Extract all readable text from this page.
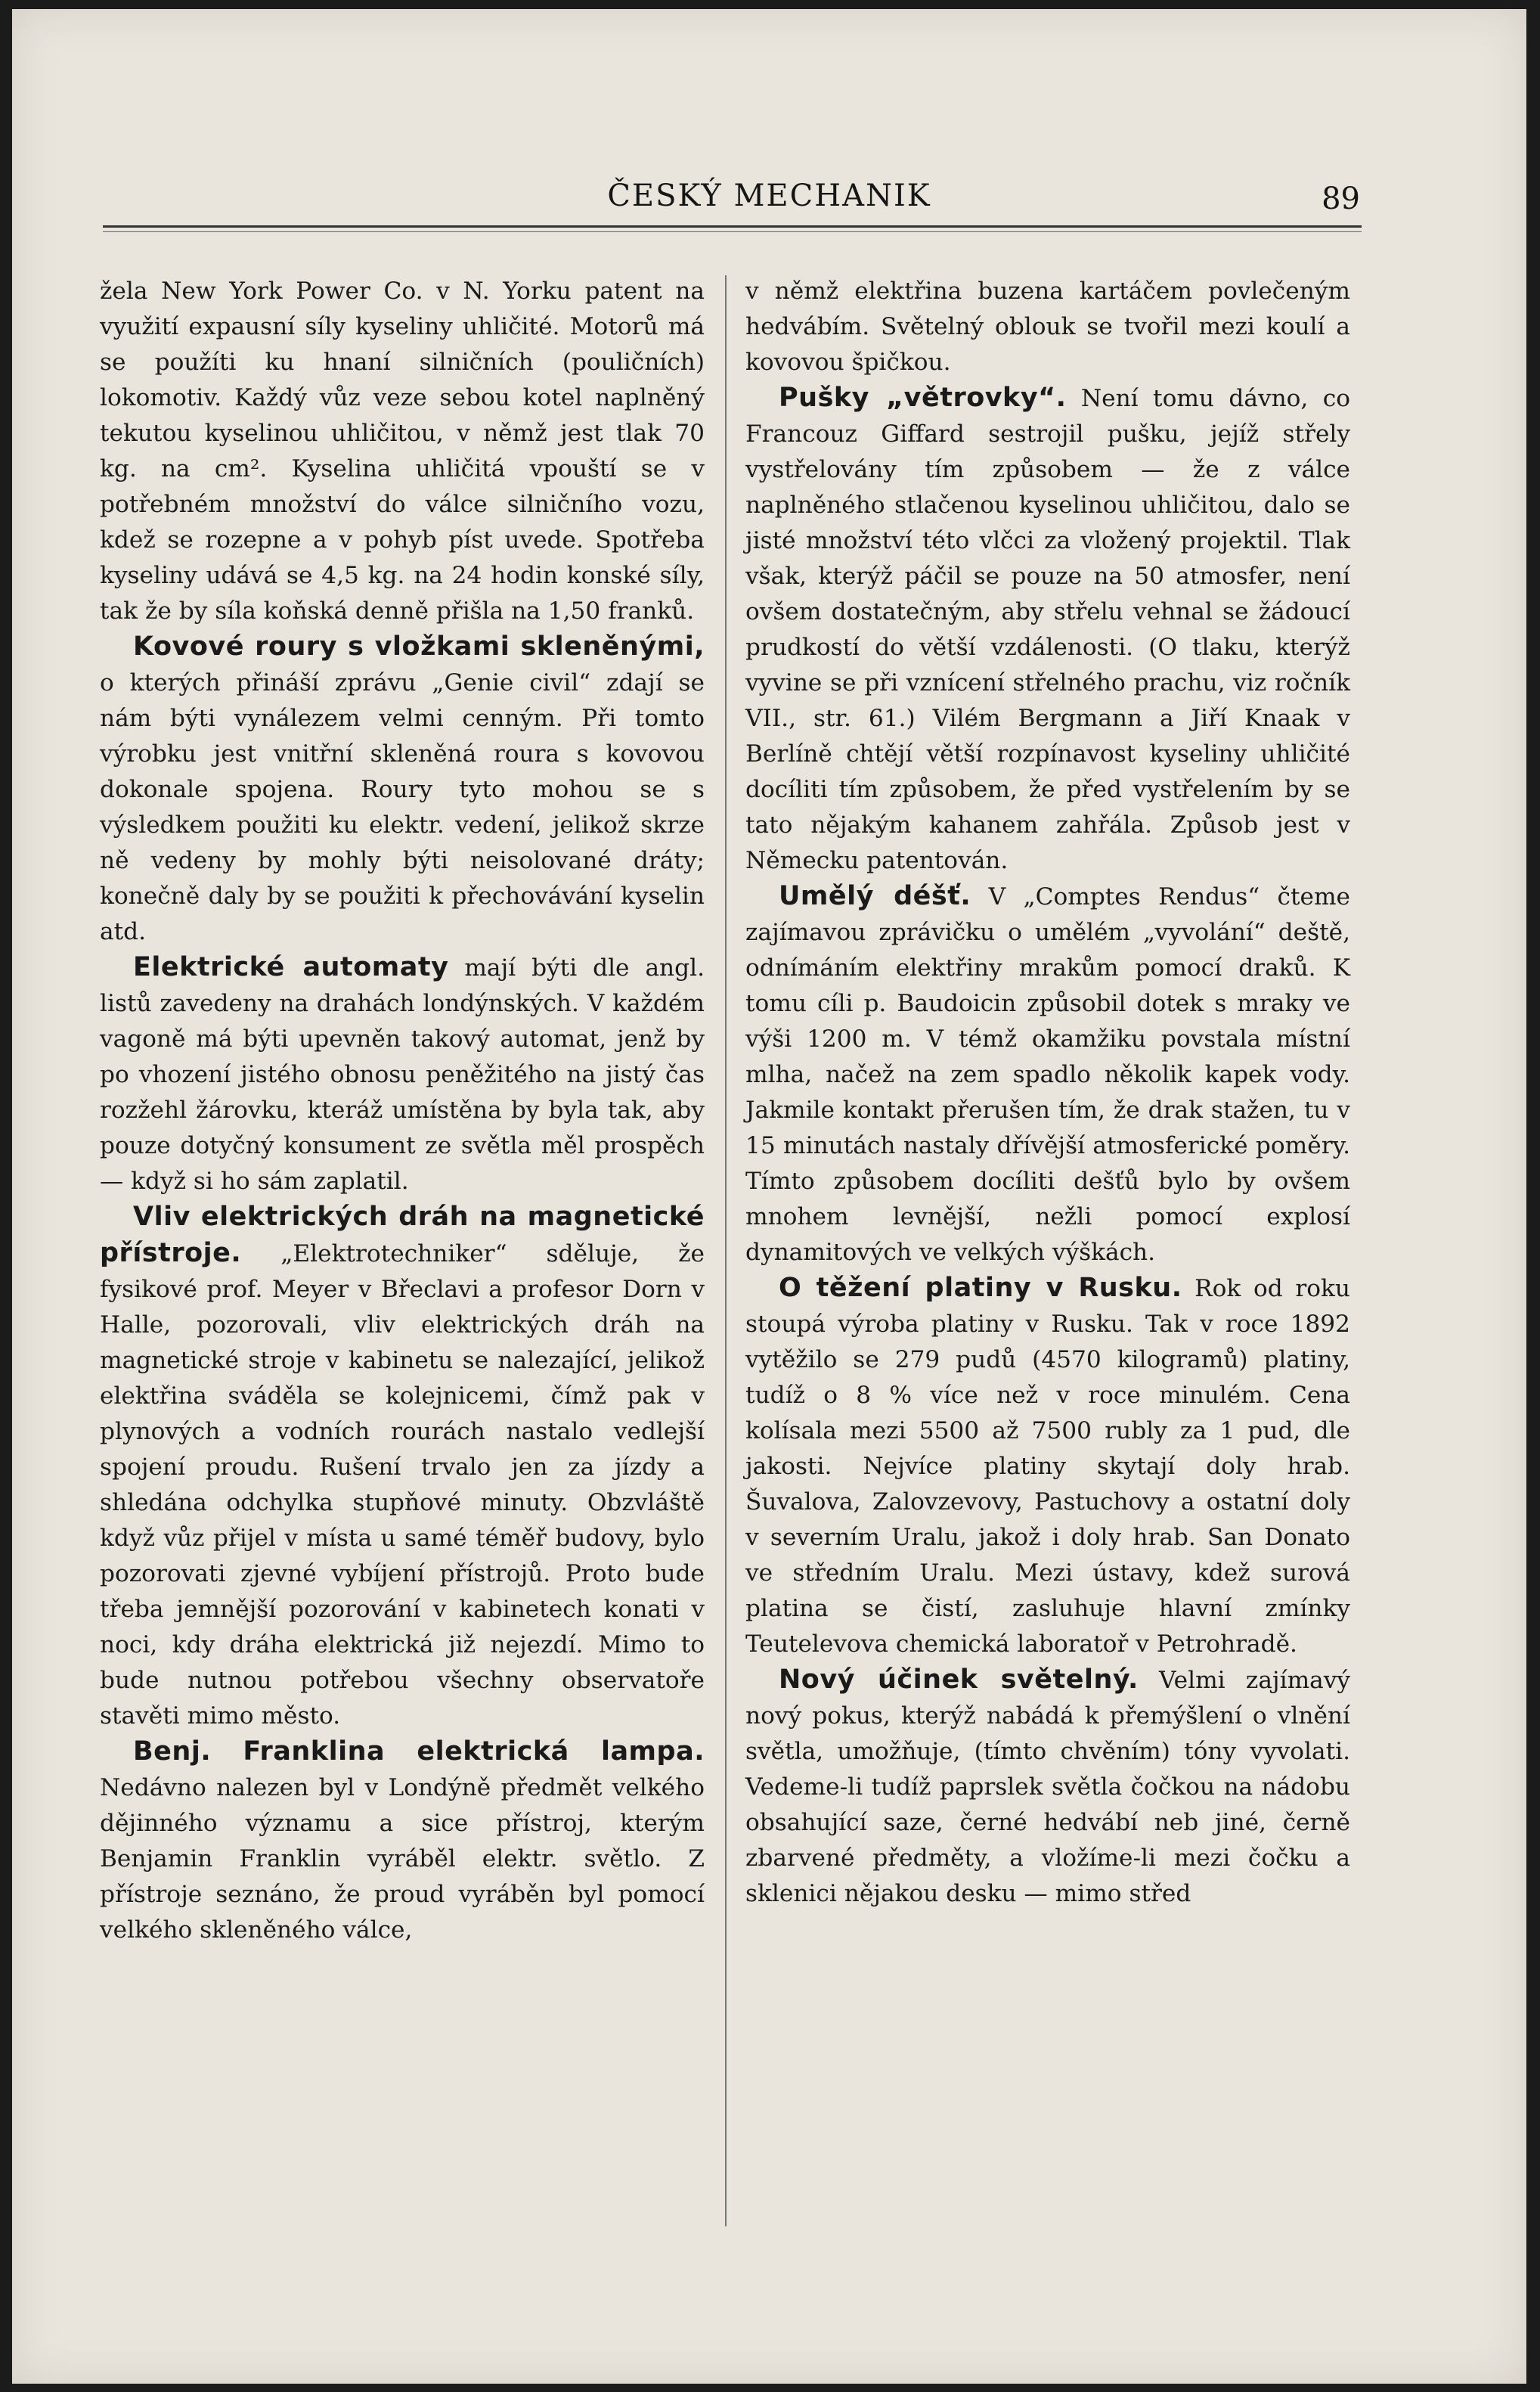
ČESKÝ MECHANIK	89

žela New York Power Co. v N. Yorku patent na využití expausní síly kyseliny uhličité. Motorů má se použíti ku hnaní silničních (pouličních) lokomotiv. Každý vůz veze sebou kotel naplněný tekutou kyselinou uhličitou, v němž jest tlak 70 kg. na cm². Kyselina uhličitá vpouští se v potřebném množství do válce silničního vozu, kdež se rozepne a v pohyb píst uvede. Spotřeba kyseliny udává se 4,5 kg. na 24 hodin konské síly, tak že by síla koňská denně přišla na 1,50 franků.

Kovové roury s vložkami skleněnými, o kterých přináší zprávu „Genie civil“ zdají se nám býti vynálezem velmi cenným. Při tomto výrobku jest vnitřní skleněná roura s kovovou dokonale spojena. Roury tyto mohou se s výsledkem použiti ku elektr. vedení, jelikož skrze ně vedeny by mohly býti neisolované dráty; konečně daly by se použiti k přechovávání kyselin atd.

Elektrické automaty mají býti dle angl. listů zavedeny na drahách londýnských. V každém vagoně má býti upevněn takový automat, jenž by po vhození jistého obnosu peněžitého na jistý čas rozžehl žárovku, kteráž umístěna by byla tak, aby pouze dotyčný konsument ze světla měl prospěch — když si ho sám zaplatil.

Vliv elektrických dráh na magnetické přístroje. „Elektrotechniker“ sděluje, že fysikové prof. Meyer v Břeclavi a profesor Dorn v Halle, pozorovali, vliv elektrických dráh na magnetické stroje v kabinetu se nalezající, jelikož elektřina sváděla se kolejnicemi, čímž pak v plynových a vodních rourách nastalo vedlejší spojení proudu. Rušení trvalo jen za jízdy a shledána odchylka stupňové minuty. Obzvláště když vůz přijel v místa u samé téměř budovy, bylo pozorovati zjevné vybíjení přístrojů. Proto bude třeba jemnější pozorování v kabinetech konati v noci, kdy dráha elektrická již nejezdí. Mimo to bude nutnou potřebou všechny observatoře stavěti mimo město.

Benj. Franklina elektrická lampa. Nedávno nalezen byl v Londýně předmět velkého dějinného významu a sice přístroj, kterým Benjamin Franklin vyráběl elektr. světlo. Z přístroje seznáno, že proud vyráběn byl pomocí velkého skleněného válce,

v němž elektřina buzena kartáčem povlečeným hedvábím. Světelný oblouk se tvořil mezi koulí a kovovou špičkou.

Pušky „větrovky“. Není tomu dávno, co Francouz Giffard sestrojil pušku, jejíž střely vystřelovány tím způsobem — že z válce naplněného stlačenou kyselinou uhličitou, dalo se jisté množství této vlčci za vložený projektil. Tlak však, kterýž páčil se pouze na 50 atmosfer, není ovšem dostatečným, aby střelu vehnal se žádoucí prudkostí do větší vzdálenosti. (O tlaku, kterýž vyvine se při vznícení střelného prachu, viz ročník VII., str. 61.) Vilém Bergmann a Jiří Knaak v Berlíně chtějí větší rozpínavost kyseliny uhličité docíliti tím způsobem, že před vystřelením by se tato nějakým kahanem zahřála. Způsob jest v Německu patentován.

Umělý déšť. V „Comptes Rendus“ čteme zajímavou zprávičku o umělém „vyvolání“ deště, odnímáním elektřiny mrakům pomocí draků. K tomu cíli p. Baudoicin způsobil dotek s mraky ve výši 1200 m. V témž okamžiku povstala místní mlha, načež na zem spadlo několik kapek vody. Jakmile kontakt přerušen tím, že drak stažen, tu v 15 minutách nastaly dřívější atmosferické poměry. Tímto způsobem docíliti dešťů bylo by ovšem mnohem levnější, nežli pomocí explosí dynamitových ve velkých výškách.

O těžení platiny v Rusku. Rok od roku stoupá výroba platiny v Rusku. Tak v roce 1892 vytěžilo se 279 pudů (4570 kilogramů) platiny, tudíž o 8 % více než v roce minulém. Cena kolísala mezi 5500 až 7500 rubly za 1 pud, dle jakosti. Nejvíce platiny skytají doly hrab. Šuvalova, Zalovzevovy, Pastuchovy a ostatní doly v severním Uralu, jakož i doly hrab. San Donato ve středním Uralu. Mezi ústavy, kdež surová platina se čistí, zasluhuje hlavní zmínky Teutelevova chemická laboratoř v Petrohradě.

Nový účinek světelný. Velmi zajímavý nový pokus, kterýž nabádá k přemýšlení o vlnění světla, umožňuje, (tímto chvěním) tóny vyvolati. Vedeme-li tudíž paprslek světla čočkou na nádobu obsahující saze, černé hedvábí neb jiné, černě zbarvené předměty, a vložíme-li mezi čočku a sklenici nějakou desku — mimo střed
